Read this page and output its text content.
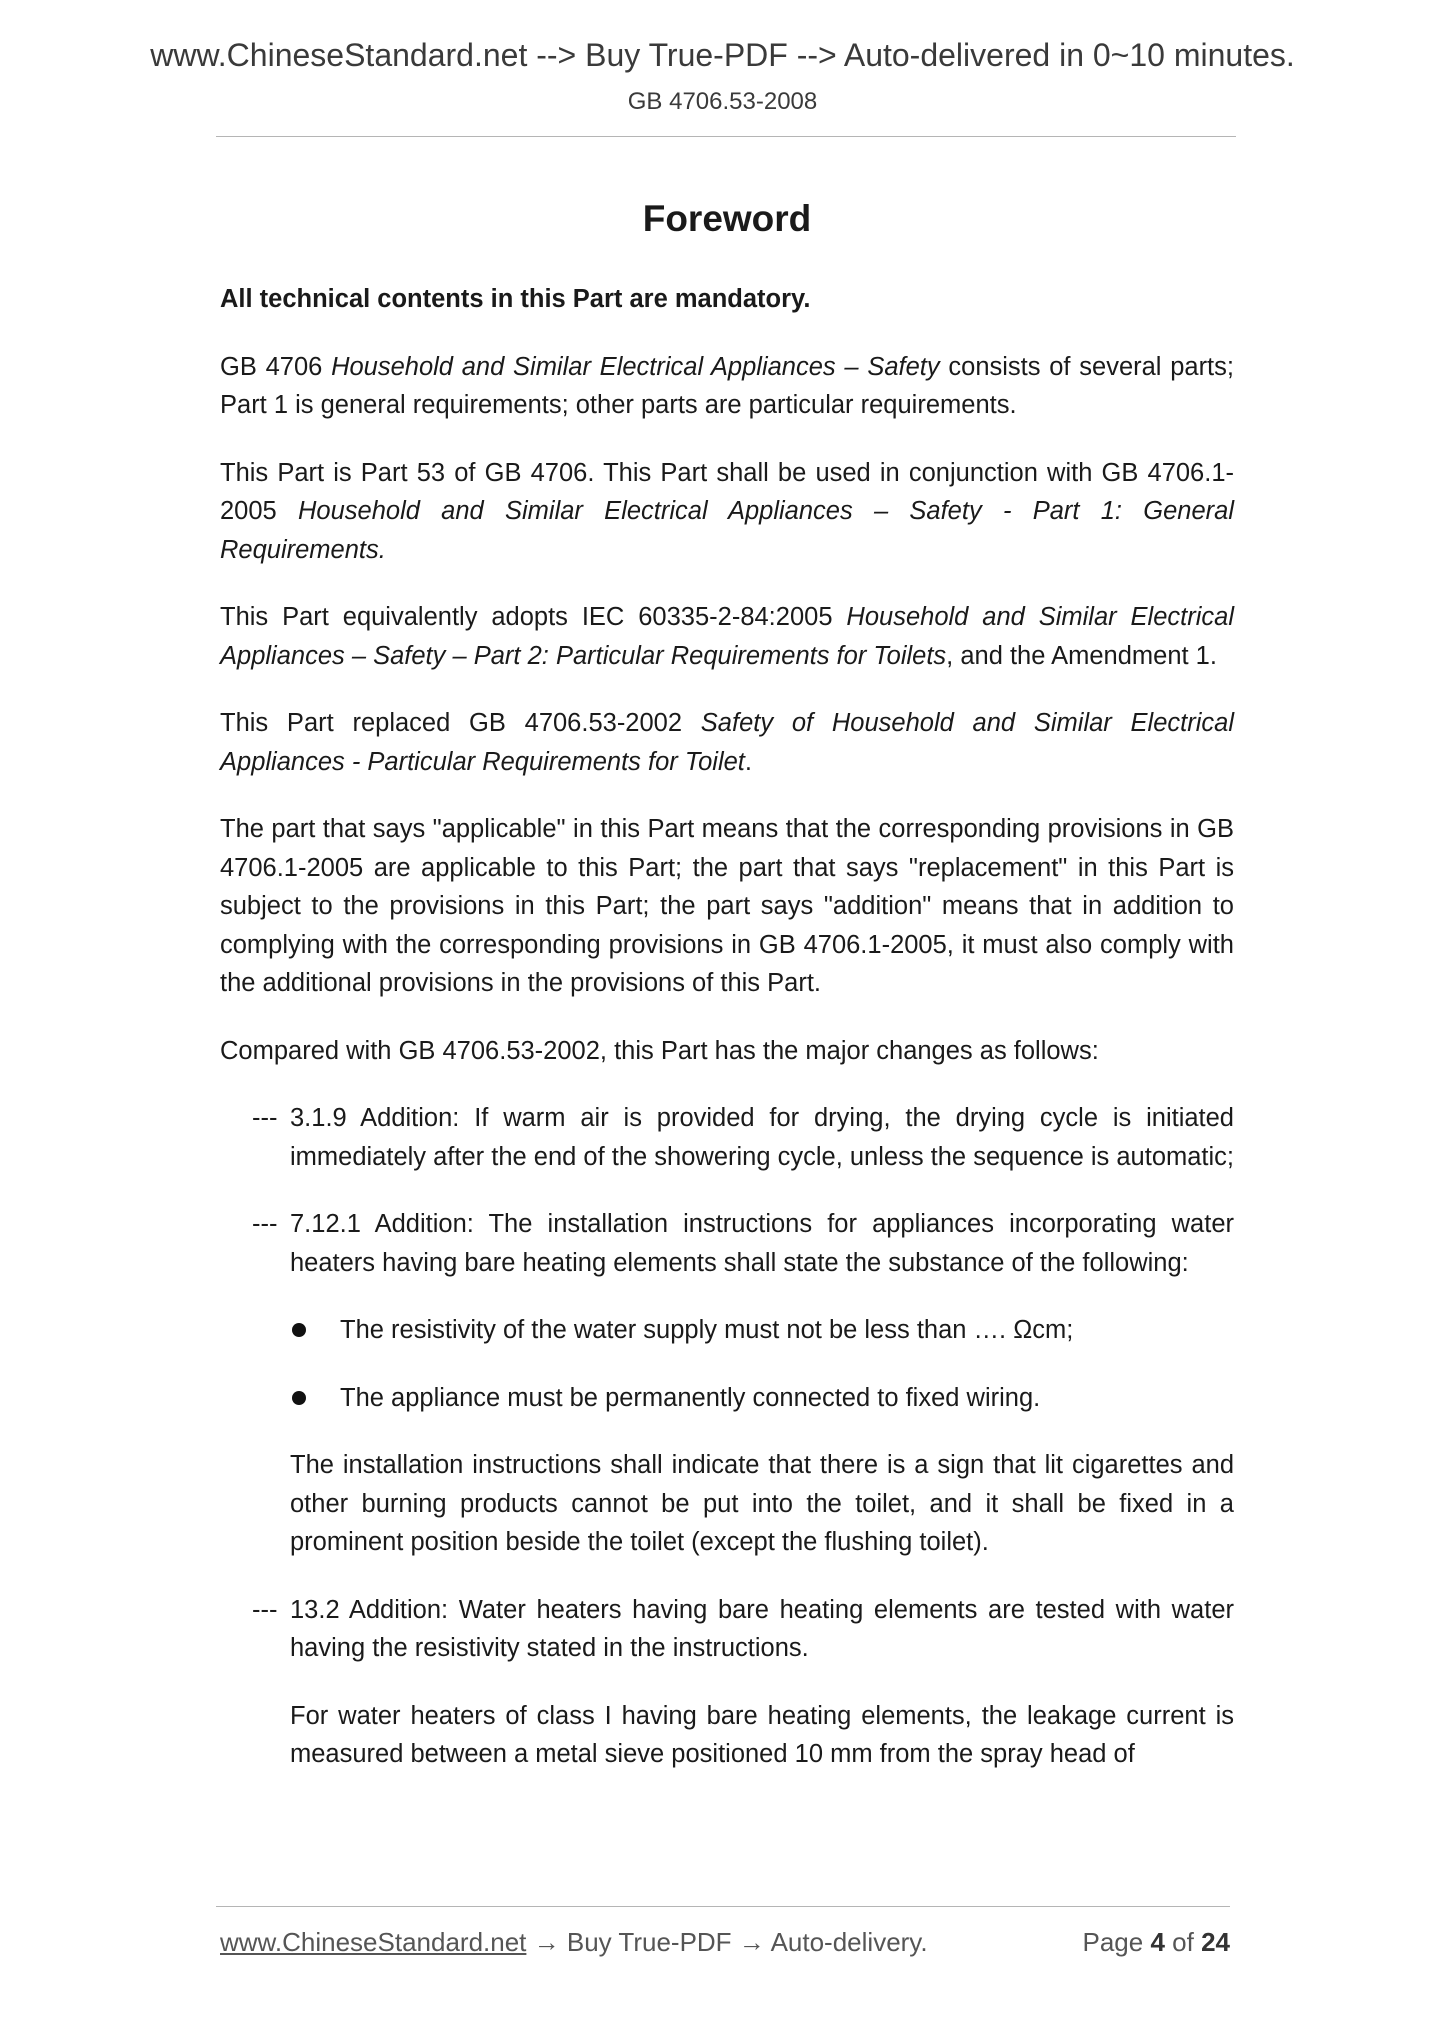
www.ChineseStandard.net --> Buy True-PDF --> Auto-delivered in 0~10 minutes.
GB 4706.53-2008
Foreword

All technical contents in this Part are mandatory.

GB 4706 Household and Similar Electrical Appliances – Safety consists of several parts; Part 1 is general requirements; other parts are particular requirements.

This Part is Part 53 of GB 4706. This Part shall be used in conjunction with GB 4706.1-2005 Household and Similar Electrical Appliances – Safety - Part 1: General Requirements.

This Part equivalently adopts IEC 60335-2-84:2005 Household and Similar Electrical Appliances – Safety – Part 2: Particular Requirements for Toilets, and the Amendment 1.

This Part replaced GB 4706.53-2002 Safety of Household and Similar Electrical Appliances - Particular Requirements for Toilet.

The part that says "applicable" in this Part means that the corresponding provisions in GB 4706.1-2005 are applicable to this Part; the part that says "replacement" in this Part is subject to the provisions in this Part; the part says "addition" means that in addition to complying with the corresponding provisions in GB 4706.1-2005, it must also comply with the additional provisions in the provisions of this Part.

Compared with GB 4706.53-2002, this Part has the major changes as follows:

--- 3.1.9 Addition: If warm air is provided for drying, the drying cycle is initiated immediately after the end of the showering cycle, unless the sequence is automatic;
--- 7.12.1 Addition: The installation instructions for appliances incorporating water heaters having bare heating elements shall state the substance of the following:
The resistivity of the water supply must not be less than …. Ωcm;
The appliance must be permanently connected to fixed wiring.

The installation instructions shall indicate that there is a sign that lit cigarettes and other burning products cannot be put into the toilet, and it shall be fixed in a prominent position beside the toilet (except the flushing toilet).

--- 13.2 Addition: Water heaters having bare heating elements are tested with water having the resistivity stated in the instructions.

For water heaters of class I having bare heating elements, the leakage current is measured between a metal sieve positioned 10 mm from the spray head of

www.ChineseStandard.net → Buy True-PDF → Auto-delivery.	Page 4 of 24
